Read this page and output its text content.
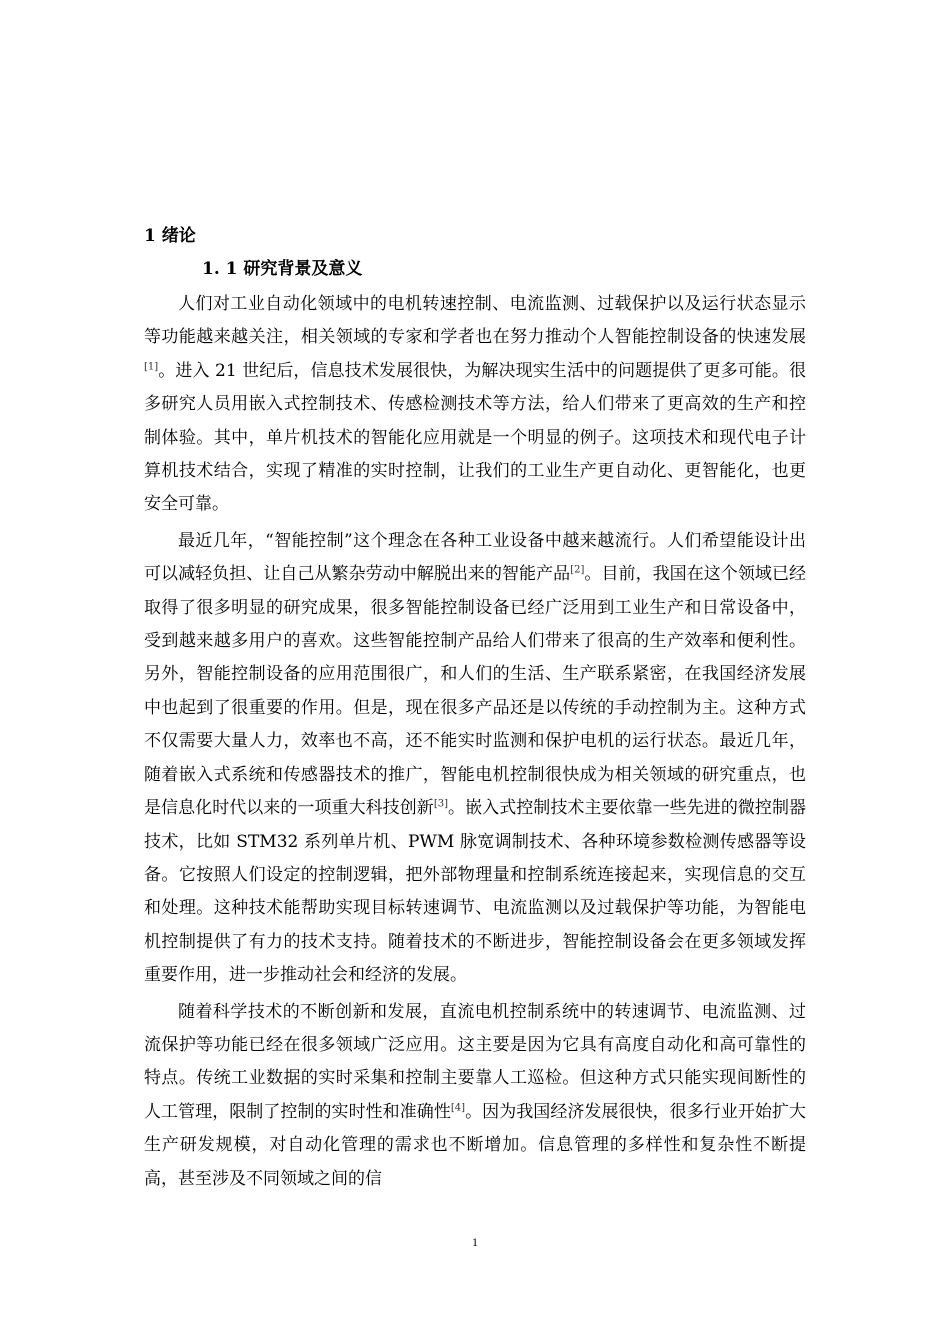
1 绪论
1. 1 研究背景及意义

人们对工业自动化领域中的电机转速控制、电流监测、过载保护以及运行状态显示等功能越来越关注，相关领域的专家和学者也在努力推动个人智能控制设备的快速发展[1]。进入 21 世纪后，信息技术发展很快，为解决现实生活中的问题提供了更多可能。很多研究人员用嵌入式控制技术、传感检测技术等方法，给人们带来了更高效的生产和控制体验。其中，单片机技术的智能化应用就是一个明显的例子。这项技术和现代电子计算机技术结合，实现了精准的实时控制，让我们的工业生产更自动化、更智能化，也更安全可靠。

最近几年，“智能控制”这个理念在各种工业设备中越来越流行。人们希望能设计出可以减轻负担、让自己从繁杂劳动中解脱出来的智能产品[2]。目前，我国在这个领域已经取得了很多明显的研究成果，很多智能控制设备已经广泛用到工业生产和日常设备中，受到越来越多用户的喜欢。这些智能控制产品给人们带来了很高的生产效率和便利性。另外，智能控制设备的应用范围很广，和人们的生活、生产联系紧密，在我国经济发展中也起到了很重要的作用。但是，现在很多产品还是以传统的手动控制为主。这种方式不仅需要大量人力，效率也不高，还不能实时监测和保护电机的运行状态。最近几年，随着嵌入式系统和传感器技术的推广，智能电机控制很快成为相关领域的研究重点，也是信息化时代以来的一项重大科技创新[3]。嵌入式控制技术主要依靠一些先进的微控制器技术，比如 STM32 系列单片机、PWM 脉宽调制技术、各种环境参数检测传感器等设备。它按照人们设定的控制逻辑，把外部物理量和控制系统连接起来，实现信息的交互和处理。这种技术能帮助实现目标转速调节、电流监测以及过载保护等功能，为智能电机控制提供了有力的技术支持。随着技术的不断进步，智能控制设备会在更多领域发挥重要作用，进一步推动社会和经济的发展。

随着科学技术的不断创新和发展，直流电机控制系统中的转速调节、电流监测、过流保护等功能已经在很多领域广泛应用。这主要是因为它具有高度自动化和高可靠性的特点。传统工业数据的实时采集和控制主要靠人工巡检。但这种方式只能实现间断性的人工管理，限制了控制的实时性和准确性[4]。因为我国经济发展很快，很多行业开始扩大生产研发规模，对自动化管理的需求也不断增加。信息管理的多样性和复杂性不断提高，甚至涉及不同领域之间的信

1
